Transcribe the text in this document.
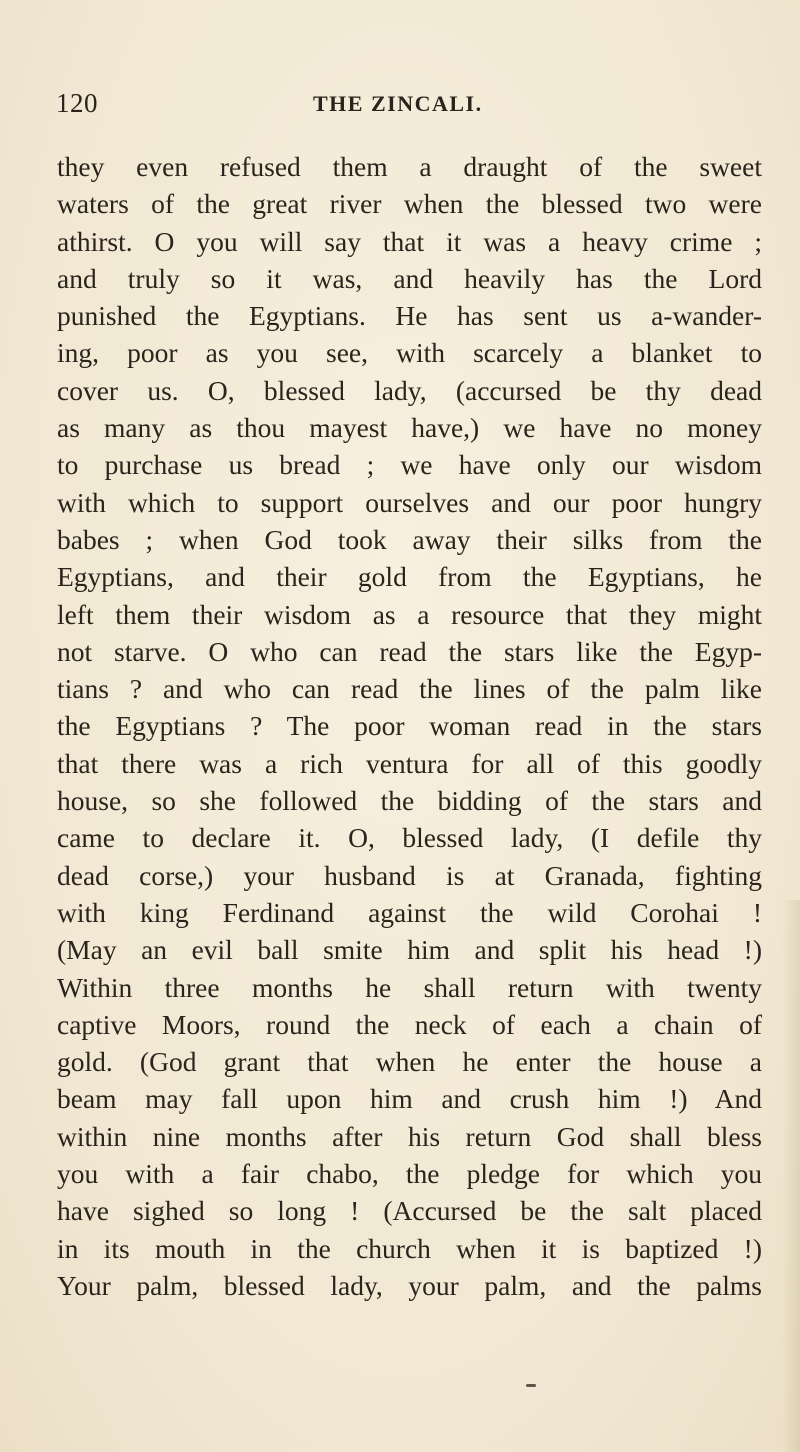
120	THE ZINCALI.
they even refused them a draught of the sweet
waters of the great river when the blessed two were
athirst. O you will say that it was a heavy crime ;
and truly so it was, and heavily has the Lord
punished the Egyptians. He has sent us a-wander-
ing, poor as you see, with scarcely a blanket to
cover us. O, blessed lady, (accursed be thy dead
as many as thou mayest have,) we have no money
to purchase us bread ; we have only our wisdom
with which to support ourselves and our poor hungry
babes ; when God took away their silks from the
Egyptians, and their gold from the Egyptians, he
left them their wisdom as a resource that they might
not starve. O who can read the stars like the Egyp-
tians ? and who can read the lines of the palm like
the Egyptians ? The poor woman read in the stars
that there was a rich ventura for all of this goodly
house, so she followed the bidding of the stars and
came to declare it. O, blessed lady, (I defile thy
dead corse,) your husband is at Granada, fighting
with king Ferdinand against the wild Corohai !
(May an evil ball smite him and split his head !)
Within three months he shall return with twenty
captive Moors, round the neck of each a chain of
gold. (God grant that when he enter the house a
beam may fall upon him and crush him !) And
within nine months after his return God shall bless
you with a fair chabo, the pledge for which you
have sighed so long ! (Accursed be the salt placed
in its mouth in the church when it is baptized !)
Your palm, blessed lady, your palm, and the palms
